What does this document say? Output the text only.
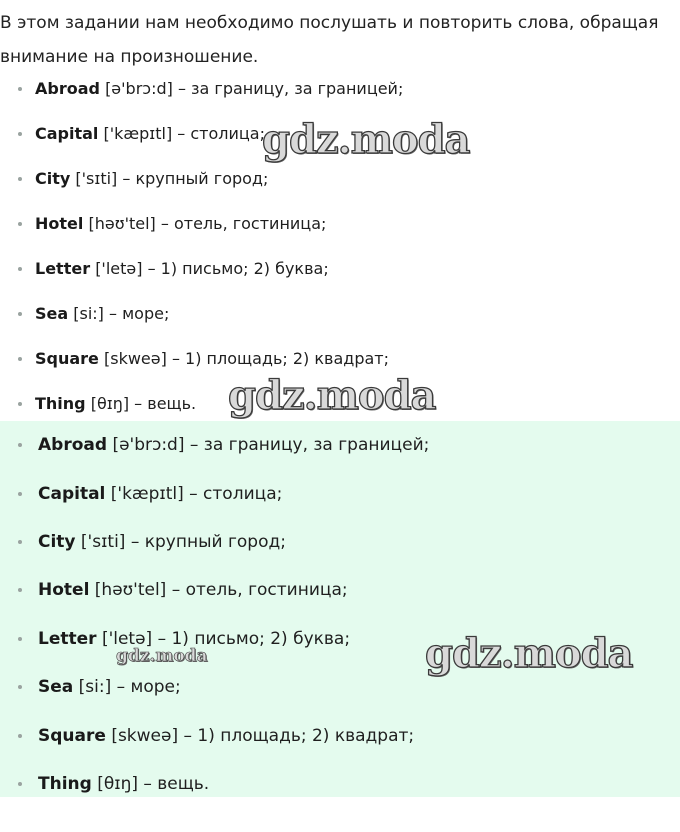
В этом задании нам необходимо послушать и повторить слова, обращая внимание на произношение.
Abroad
[ə'brɔ:d] – за границу, за границей;
Capital
['kæpɪtl] – столица;
City
['sɪti] – крупный город;
Hotel
[həʊ'tel] – отель, гостиница;
Letter
['letə] – 1) письмо; 2) буква;
Sea
[si:] – море;
Square
[skweə] – 1) площадь; 2) квадрат;
Thing
[θɪŋ] – вещь.
Abroad
[ə'brɔ:d] – за границу, за границей;
Capital
['kæpɪtl] – столица;
City
['sɪti] – крупный город;
Hotel
[həʊ'tel] – отель, гостиница;
Letter
['letə] – 1) письмо; 2) буква;
Sea
[si:] – море;
Square
[skweə] – 1) площадь; 2) квадрат;
Thing
[θɪŋ] – вещь.
gdz.moda
gdz.moda
gdz.moda
gdz.moda
